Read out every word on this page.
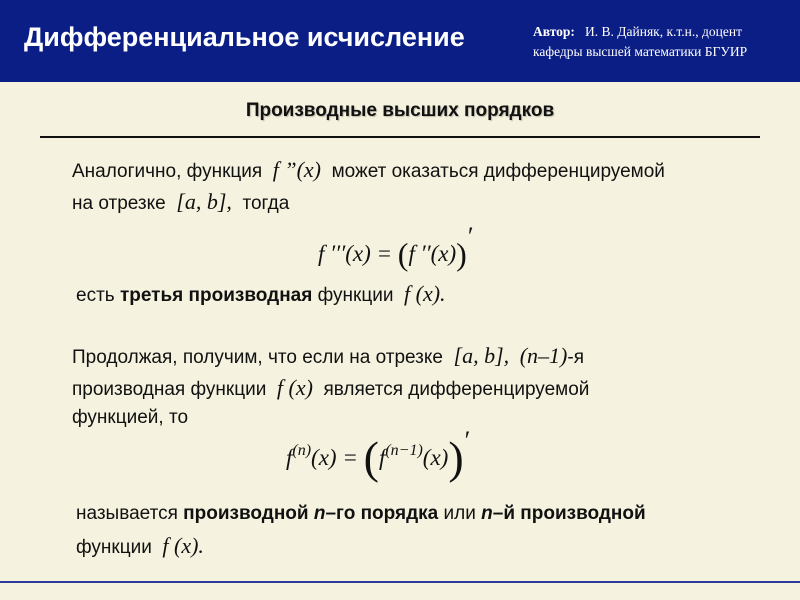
Дифференциальное исчисление	Автор: И. В. Дайняк, к.т.н., доцент
кафедры высшей математики БГУИР
Производные высших порядков
Аналогично, функция f ”(x) может оказаться дифференцируемой
на отрезке [a, b], тогда
f ′′′(x) = (f ′′(x))′
есть третья производная функции f (x).
Продолжая, получим, что если на отрезке [a, b], (n–1)-я
производная функции f (x) является дифференцируемой
функцией, то
$f^{(n)}(x) = (f^{(n-1)}(x))'$
называется производной n–го порядка или n–й производной
функции f (x).
